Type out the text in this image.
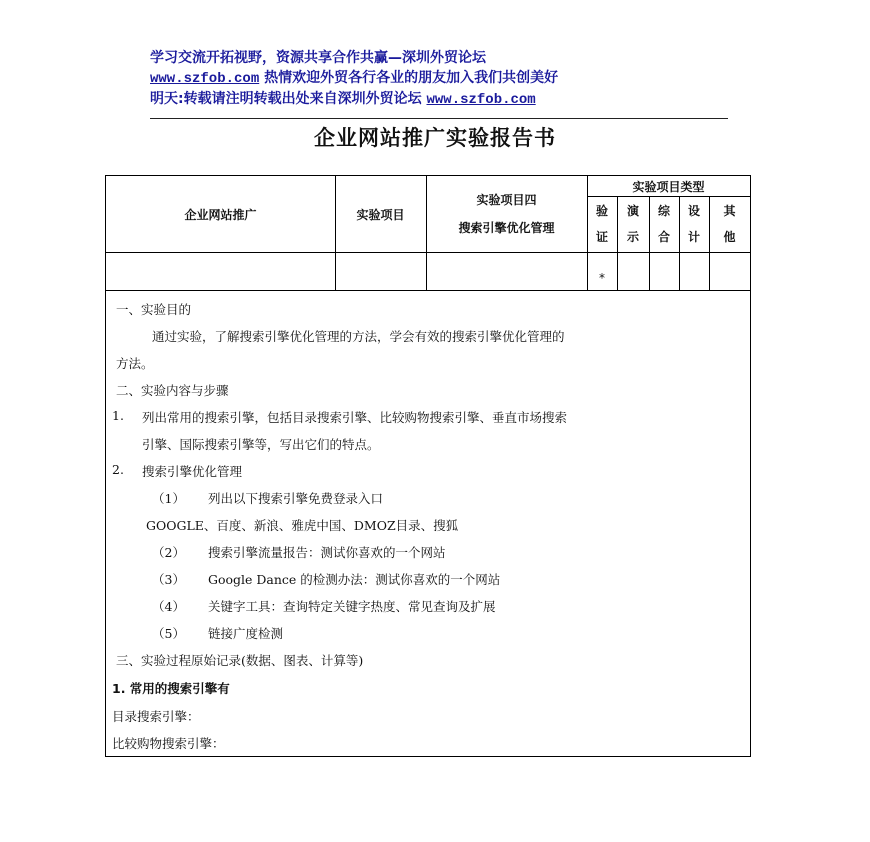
学习交流开拓视野，资源共享合作共赢—深圳外贸论坛
www.szfob.com 热情欢迎外贸各行各业的朋友加入我们共创美好
明天:转载请注明转载出处来自深圳外贸论坛 www.szfob.com
企业网站推广实验报告书
企业网站推广	实验项目
实验项目四
搜索引擎优化管理
实验项目类型
验
证
演
示
综
合
设
计
其
他
*
一、实验目的
通过实验，了解搜索引擎优化管理的方法，学会有效的搜索引擎优化管理的
方法。
二、实验内容与步骤
1. 列出常用的搜索引擎，包括目录搜索引擎、比较购物搜索引擎、垂直市场搜索
引擎、国际搜索引擎等，写出它们的特点。
2. 搜索引擎优化管理
（1） 列出以下搜索引擎免费登录入口
GOOGLE、百度、新浪、雅虎中国、DMOZ目录、搜狐
（2） 搜索引擎流量报告：测试你喜欢的一个网站
（3） Google Dance 的检测办法：测试你喜欢的一个网站
（4） 关键字工具：查询特定关键字热度、常见查询及扩展
（5） 链接广度检测
三、实验过程原始记录(数据、图表、计算等)
1. 常用的搜索引擎有
目录搜索引擎：
比较购物搜索引擎：
